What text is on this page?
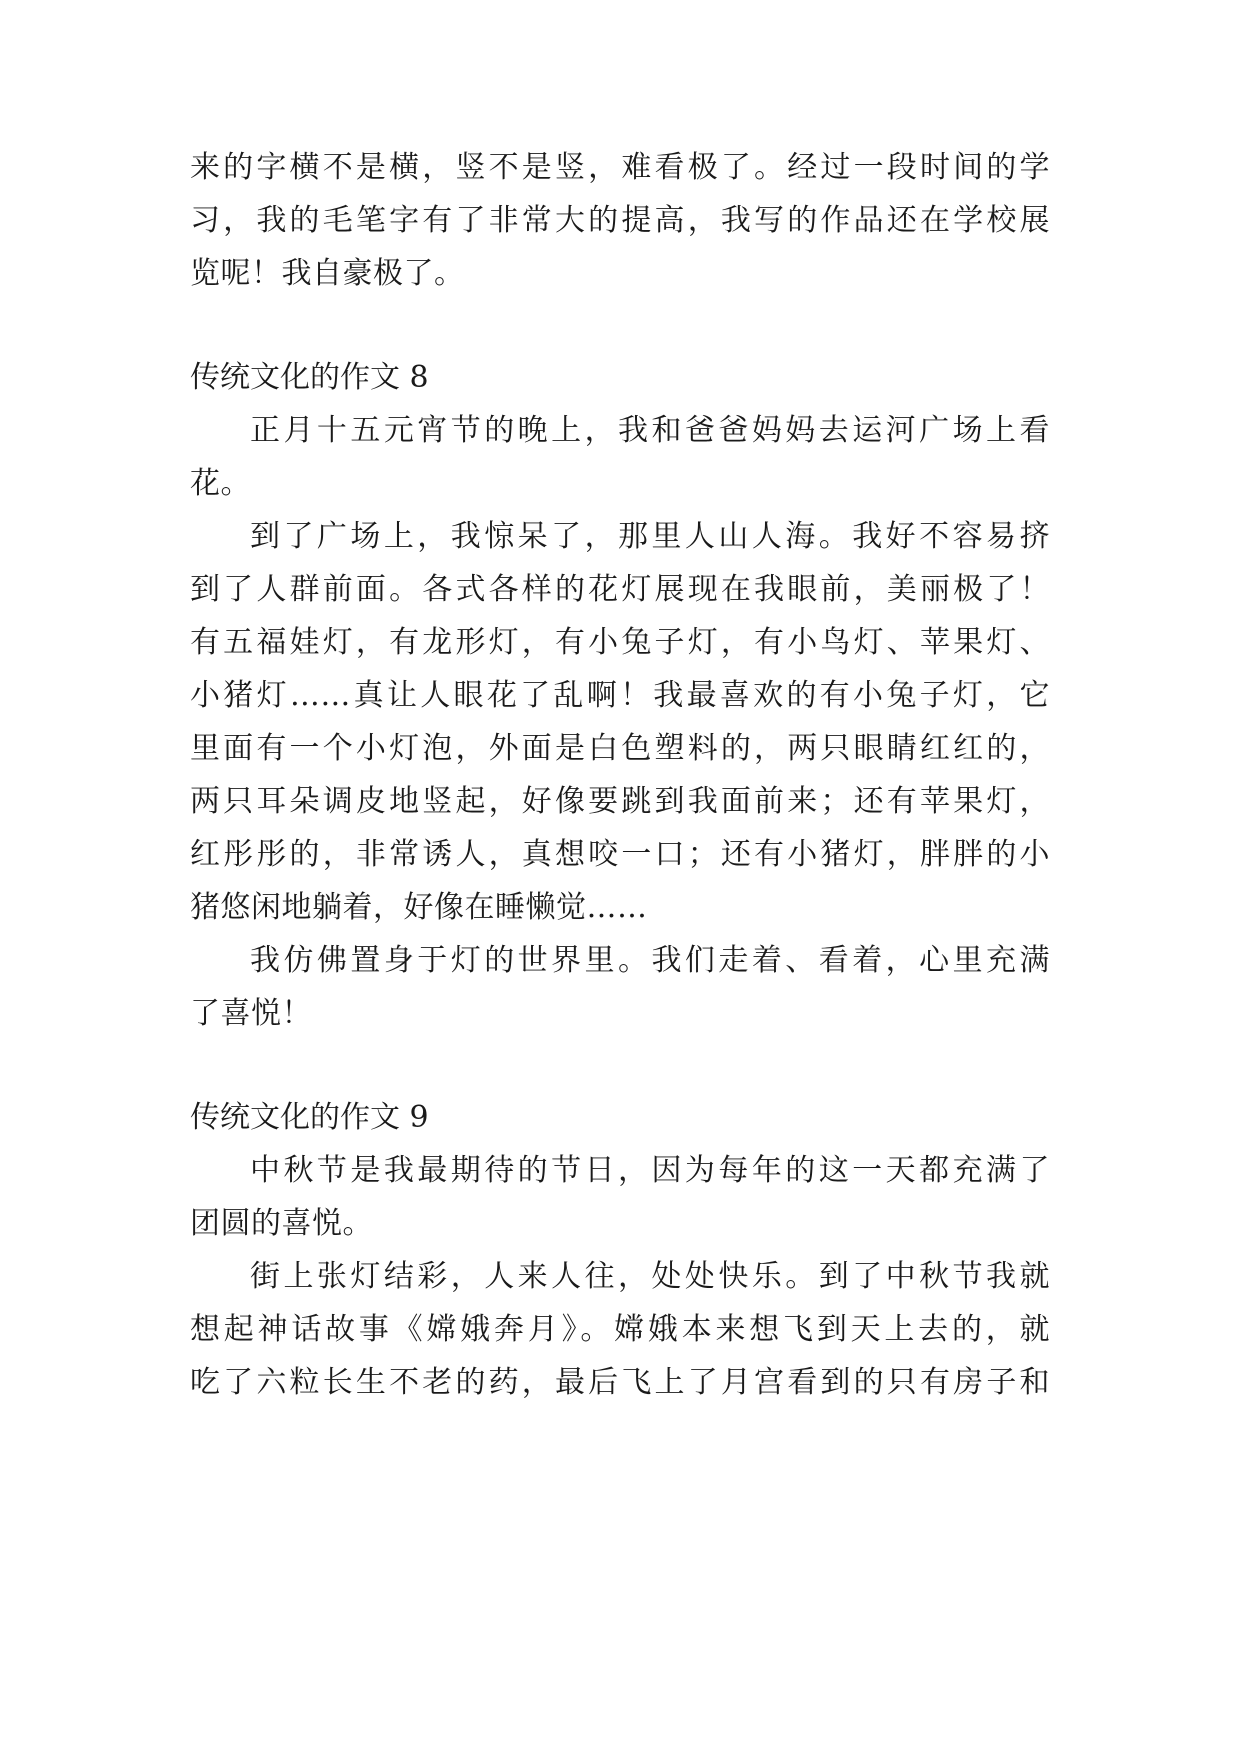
来的字横不是横，竖不是竖，难看极了。经过一段时间的学
习，我的毛笔字有了非常大的提高，我写的作品还在学校展
览呢！我自豪极了。
传统文化的作文 8
正月十五元宵节的晚上，我和爸爸妈妈去运河广场上看
花。
到了广场上，我惊呆了，那里人山人海。我好不容易挤
到了人群前面。各式各样的花灯展现在我眼前，美丽极了！
有五福娃灯，有龙形灯，有小兔子灯，有小鸟灯、苹果灯、
小猪灯……真让人眼花了乱啊！我最喜欢的有小兔子灯，它
里面有一个小灯泡，外面是白色塑料的，两只眼睛红红的，
两只耳朵调皮地竖起，好像要跳到我面前来；还有苹果灯，
红彤彤的，非常诱人，真想咬一口；还有小猪灯，胖胖的小
猪悠闲地躺着，好像在睡懒觉……
我仿佛置身于灯的世界里。我们走着、看着，心里充满
了喜悦！
传统文化的作文 9
中秋节是我最期待的节日，因为每年的这一天都充满了
团圆的喜悦。
街上张灯结彩，人来人往，处处快乐。到了中秋节我就
想起神话故事《嫦娥奔月》。嫦娥本来想飞到天上去的，就
吃了六粒长生不老的药，最后飞上了月宫看到的只有房子和
